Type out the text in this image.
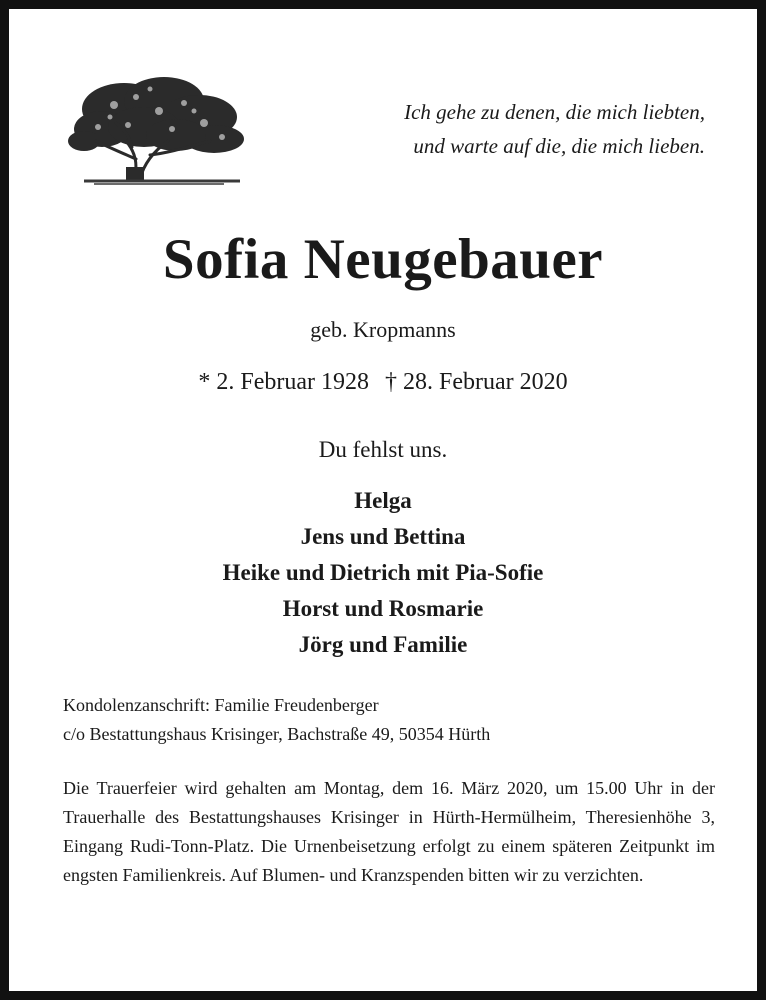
Ich gehe zu denen, die mich liebten,
und warte auf die, die mich lieben.
Sofia Neugebauer
geb. Kropmanns
* 2. Februar 1928 † 28. Februar 2020
Du fehlst uns.
Helga
Jens und Bettina
Heike und Dietrich mit Pia-Sofie
Horst und Rosmarie
Jörg und Familie
Kondolenzanschrift: Familie Freudenberger
c/o Bestattungshaus Krisinger, Bachstraße 49, 50354 Hürth
Die Trauerfeier wird gehalten am Montag, dem 16. März 2020, um 15.00 Uhr in der Trauerhalle des Bestattungshauses Krisinger in Hürth-Hermülheim, Theresienhöhe 3, Eingang Rudi-Tonn-Platz. Die Urnenbeisetzung erfolgt zu einem späteren Zeitpunkt im engsten Familienkreis. Auf Blumen- und Kranzspenden bitten wir zu verzichten.
